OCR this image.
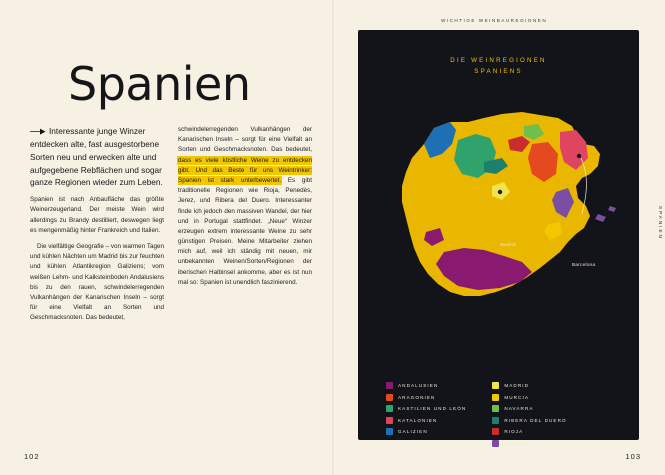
Spanien

Interessante junge Winzer entdecken alte, fast ausgestorbene Sorten neu und erwecken alte und aufgegebene Rebflächen und sogar ganze Regionen wieder zum Leben.

Spanien ist nach Anbaufläche das größte Weinerzeugerland. Der meiste Wein wird allerdings zu Brandy destilliert, deswegen liegt es mengenmäßig hinter Frankreich und Italien.

Die vielfältige Geografie – von warmen Tagen und kühlen Nächten um Madrid bis zur feuchten und kühlen Atlantikregion Galiziens; vom weißen Lehm- und Kalksteinboden Andalusiens bis zu den rauen, schwindelerregenden Vulkanhängen der Kanarischen Inseln – sorgt für eine Vielfalt an Sorten und Geschmacksnoten. Das bedeutet,

schwindelerregenden Vulkanhängen der Kanarischen Inseln – sorgt für eine Vielfalt an Sorten und Geschmacksnoten. Das bedeutet, dass es viele köstliche Weine zu entdecken gibt. Und das Beste für uns Weintrinker: Spanien ist stark unterbewertet. Es gibt traditionelle Regionen wie Rioja, Penedès, Jerez, und Ribera del Duero. Interessanter finde ich jedoch den massiven Wandel, der hier und in Portugal stattfindet. „Neue“ Winzer erzeugen extrem interessante Weine zu sehr günstigen Preisen. Meine Mitarbeiter ziehen mich auf, weil ich ständig mit neuen, mir unbekannten Weinen/Sorten/Regionen der iberischen Halbinsel ankomme, aber es ist nun mal so: Spanien ist unendlich faszinierend.

102
WICHTIGE WEINBAUREGIONEN
DIE WEINREGIONEN
SPANIENS
Madrid
Barcelona
ANDALUSIEN
ARAGONIEN
KASTILIEN UND LEÓN
KATALONIEN
GALIZIEN
MADRID
MURCIA
NAVARRA
RIBERA DEL DUERO
RIOJA
VALENCIA
SPANIEN
103
